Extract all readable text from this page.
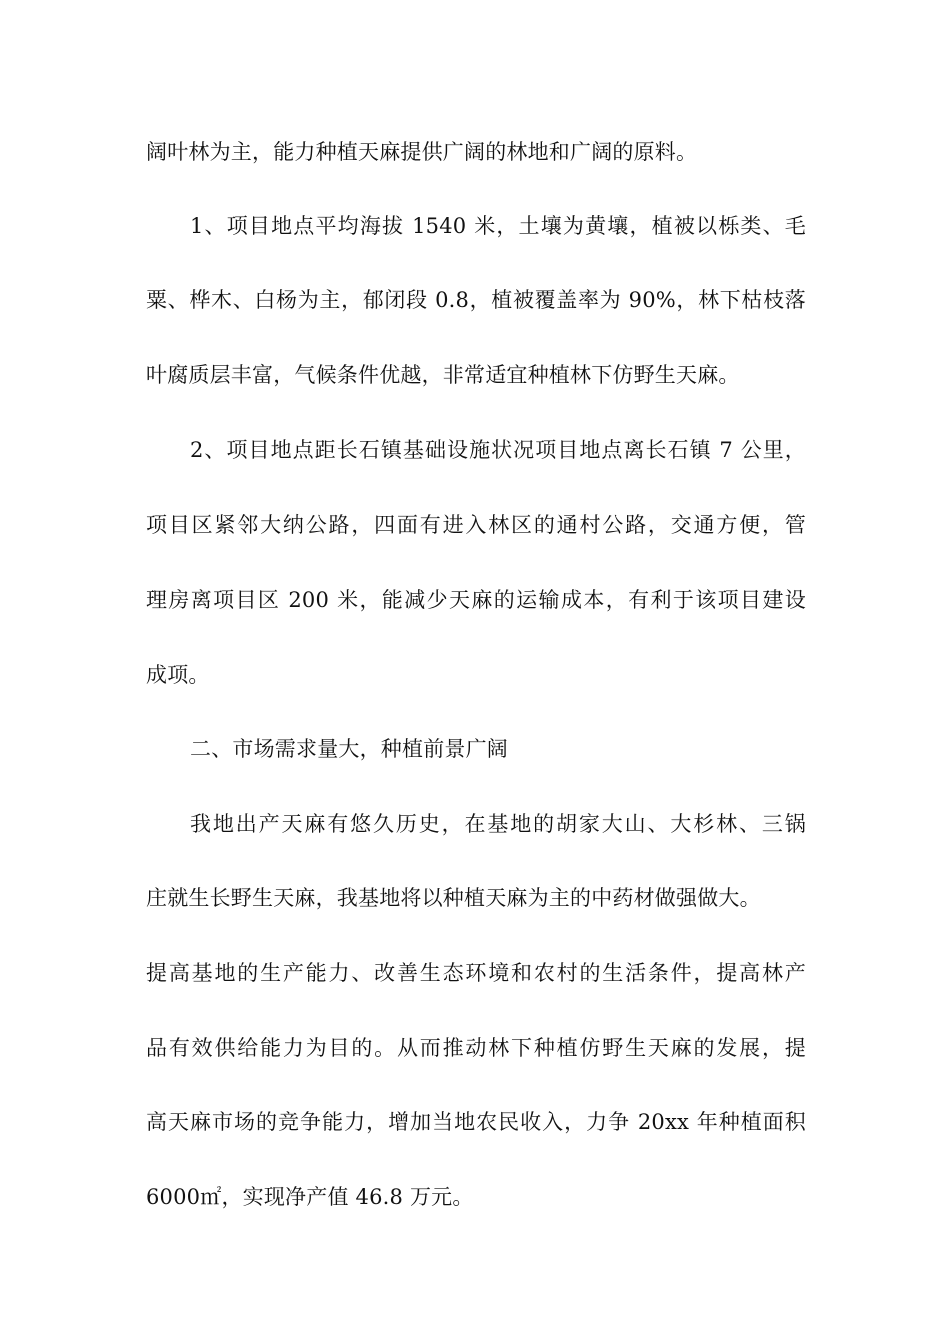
阔叶林为主，能力种植天麻提供广阔的林地和广阔的原料。
1、项目地点平均海拔 1540 米，土壤为黄壤，植被以栎类、毛
粟、桦木、白杨为主，郁闭段 0.8，植被覆盖率为 90%，林下枯枝落
叶腐质层丰富，气候条件优越，非常适宜种植林下仿野生天麻。
2、项目地点距长石镇基础设施状况项目地点离长石镇 7 公里，
项目区紧邻大纳公路，四面有进入林区的通村公路，交通方便，管
理房离项目区 200 米，能减少天麻的运输成本，有利于该项目建设
成项。
二、市场需求量大，种植前景广阔
我地出产天麻有悠久历史，在基地的胡家大山、大杉林、三锅
庄就生长野生天麻，我基地将以种植天麻为主的中药材做强做大。
提高基地的生产能力、改善生态环境和农村的生活条件，提高林产
品有效供给能力为目的。从而推动林下种植仿野生天麻的发展，提
高天麻市场的竞争能力，增加当地农民收入，力争 20xx 年种植面积
6000㎡，实现净产值 46.8 万元。
